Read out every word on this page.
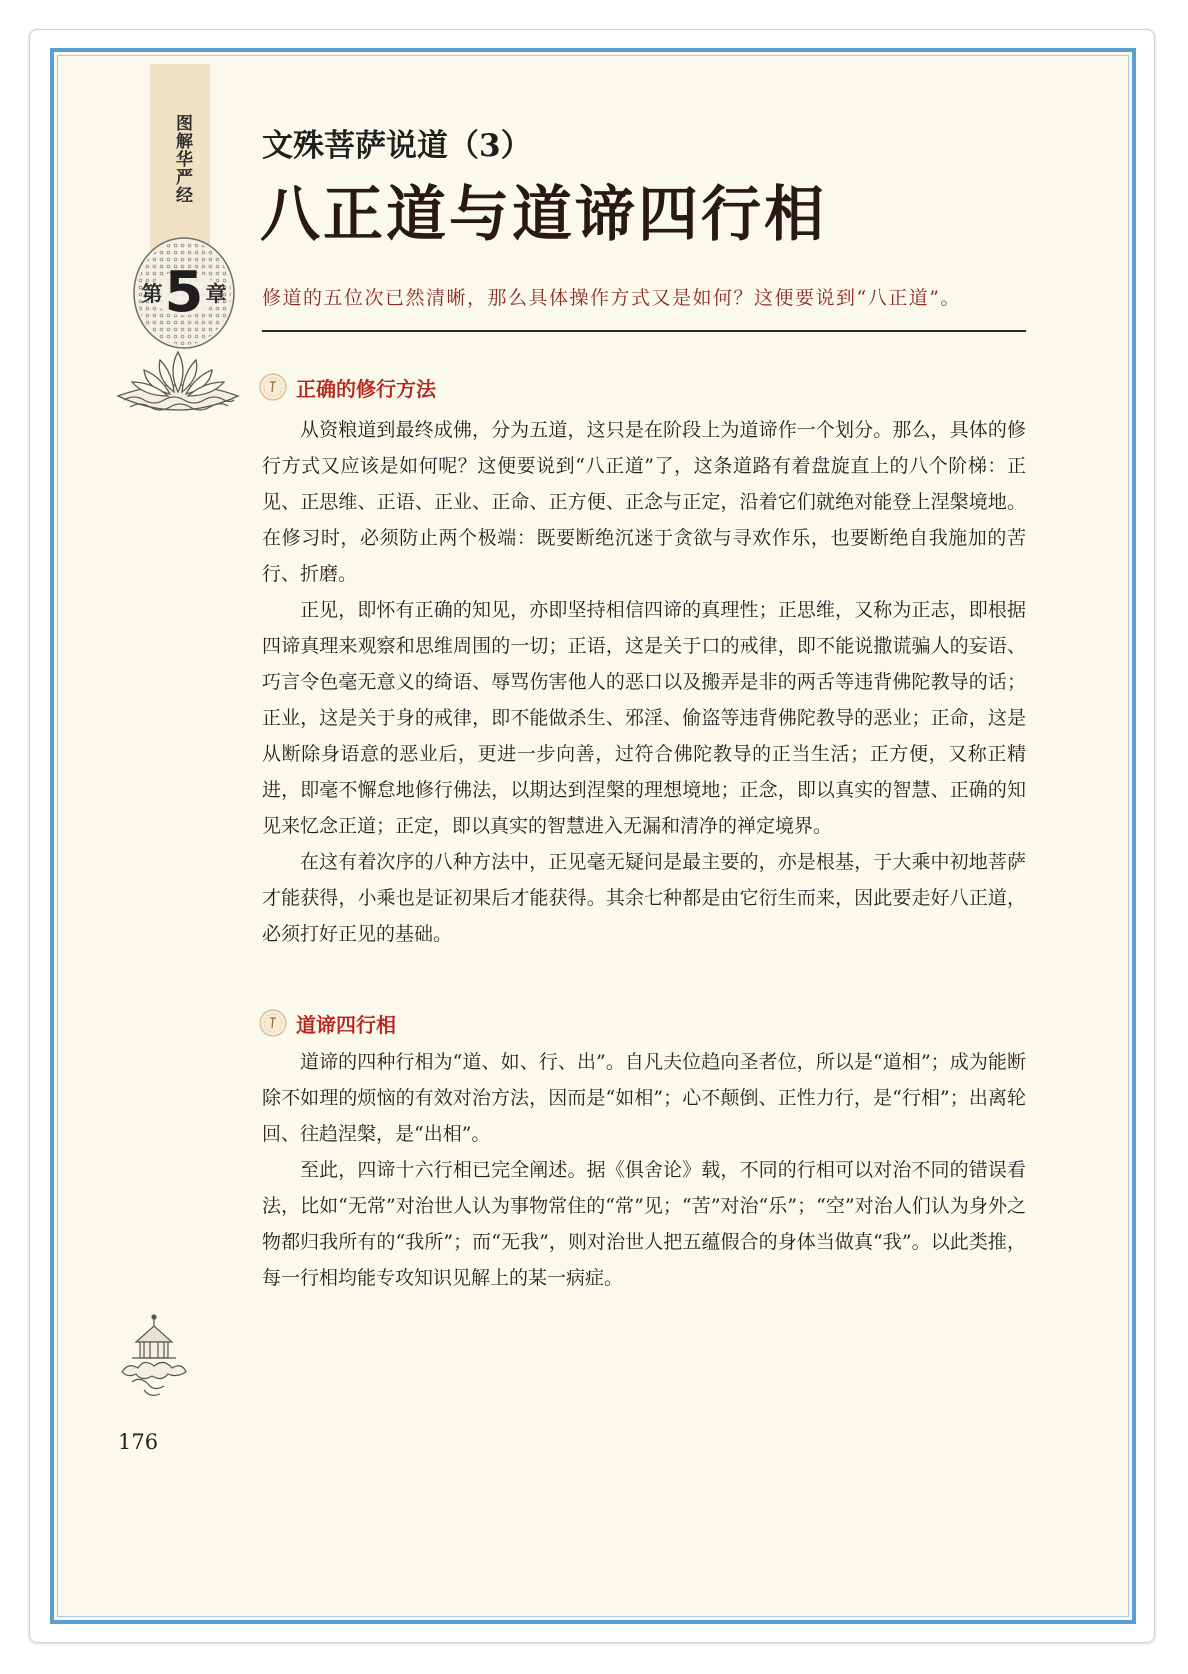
图解华严经
第 5 章
文殊菩萨说道（3）
八正道与道谛四行相
修道的五位次已然清晰，那么具体操作方式又是如何？这便要说到“八正道”。
正确的修行方法

从资粮道到最终成佛，分为五道，这只是在阶段上为道谛作一个划分。那么，具体的修行方式又应该是如何呢？这便要说到“八正道”了，这条道路有着盘旋直上的八个阶梯：正见、正思维、正语、正业、正命、正方便、正念与正定，沿着它们就绝对能登上涅槃境地。在修习时，必须防止两个极端：既要断绝沉迷于贪欲与寻欢作乐，也要断绝自我施加的苦行、折磨。

正见，即怀有正确的知见，亦即坚持相信四谛的真理性；正思维，又称为正志，即根据四谛真理来观察和思维周围的一切；正语，这是关于口的戒律，即不能说撒谎骗人的妄语、巧言令色毫无意义的绮语、辱骂伤害他人的恶口以及搬弄是非的两舌等违背佛陀教导的话；正业，这是关于身的戒律，即不能做杀生、邪淫、偷盗等违背佛陀教导的恶业；正命，这是从断除身语意的恶业后，更进一步向善，过符合佛陀教导的正当生活；正方便，又称正精进，即毫不懈怠地修行佛法，以期达到涅槃的理想境地；正念，即以真实的智慧、正确的知见来忆念正道；正定，即以真实的智慧进入无漏和清净的禅定境界。

在这有着次序的八种方法中，正见毫无疑问是最主要的，亦是根基，于大乘中初地菩萨才能获得，小乘也是证初果后才能获得。其余七种都是由它衍生而来，因此要走好八正道，必须打好正见的基础。

道谛四行相

道谛的四种行相为“道、如、行、出”。自凡夫位趋向圣者位，所以是“道相”；成为能断除不如理的烦恼的有效对治方法，因而是“如相”；心不颠倒、正性力行，是“行相”；出离轮回、往趋涅槃，是“出相”。

至此，四谛十六行相已完全阐述。据《俱舍论》载，不同的行相可以对治不同的错误看法，比如“无常”对治世人认为事物常住的“常”见；“苦”对治“乐”；“空”对治人们认为身外之物都归我所有的“我所”；而“无我”，则对治世人把五蕴假合的身体当做真“我”。以此类推，每一行相均能专攻知识见解上的某一病症。

176
